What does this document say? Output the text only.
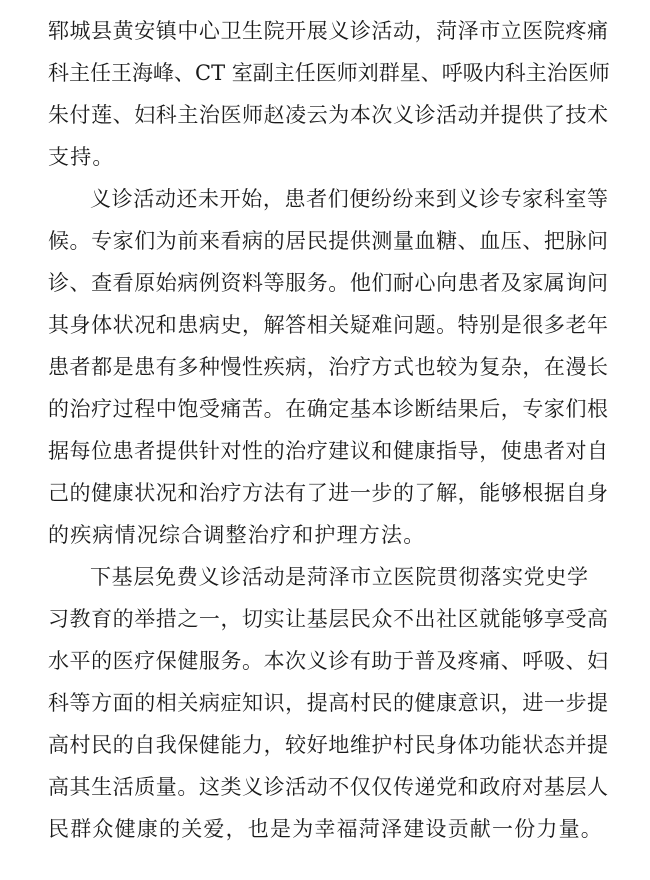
郓城县黄安镇中心卫生院开展义诊活动，菏泽市立医院疼痛
科主任王海峰、CT 室副主任医师刘群星、呼吸内科主治医师
朱付莲、妇科主治医师赵凌云为本次义诊活动并提供了技术
支持。
义诊活动还未开始，患者们便纷纷来到义诊专家科室等
候。专家们为前来看病的居民提供测量血糖、血压、把脉问
诊、查看原始病例资料等服务。他们耐心向患者及家属询问
其身体状况和患病史，解答相关疑难问题。特别是很多老年
患者都是患有多种慢性疾病，治疗方式也较为复杂，在漫长
的治疗过程中饱受痛苦。在确定基本诊断结果后，专家们根
据每位患者提供针对性的治疗建议和健康指导，使患者对自
己的健康状况和治疗方法有了进一步的了解，能够根据自身
的疾病情况综合调整治疗和护理方法。
下基层免费义诊活动是菏泽市立医院贯彻落实党史学
习教育的举措之一，切实让基层民众不出社区就能够享受高
水平的医疗保健服务。本次义诊有助于普及疼痛、呼吸、妇
科等方面的相关病症知识，提高村民的健康意识，进一步提
高村民的自我保健能力，较好地维护村民身体功能状态并提
高其生活质量。这类义诊活动不仅仅传递党和政府对基层人
民群众健康的关爱，也是为幸福菏泽建设贡献一份力量。
